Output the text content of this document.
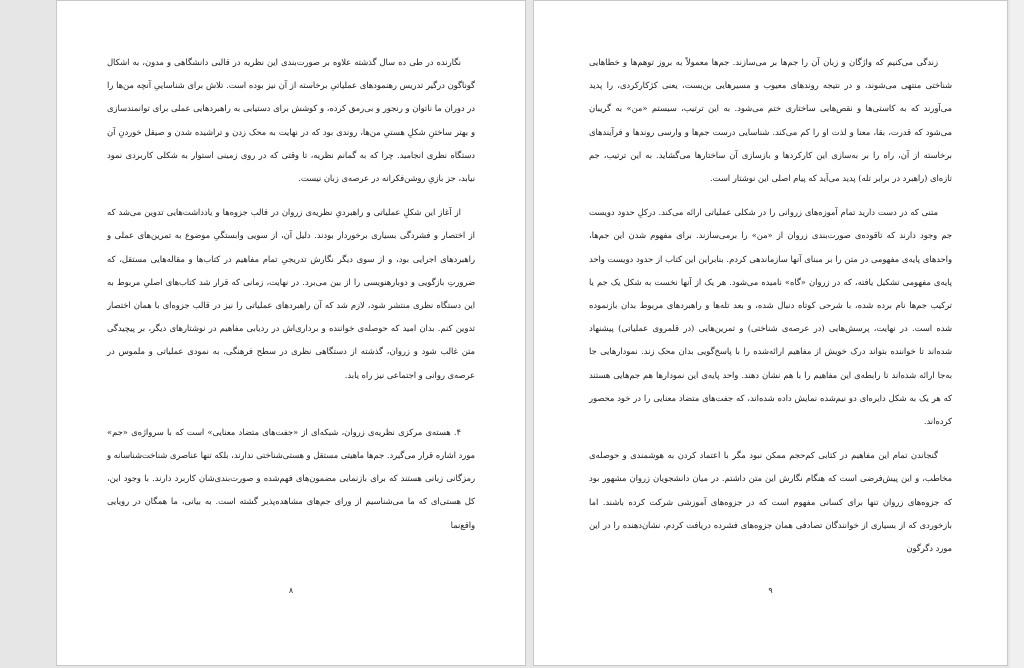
نگارنده در طی ده سال گذشته علاوه بر صورت‌بندی این نظریه در قالبی دانشگاهی و مدون، به اشکال گوناگون درگیر تدریس رهنمودهای عملیاتیِ برخاسته از آن نیز بوده است. تلاش برای شناساییِ آنچه من‌ها را در دوران ما ناتوان و رنجور و بی‌رمق کرده، و کوشش برای دستیابی به راهبردهایی عملی برای توانمندسازی و بهتر ساختنِ شکلِ هستیِ من‌ها، روندی بود که در نهایت به محک زدن و تراشیده شدن و صیقل خوردنِ آن دستگاه نظری انجامید. چرا که به گمانم نظریه، تا وقتی که در روی زمینی استوار به شکلی کاربردی نمود نیابد، جز بازیِ روشن‌فکرانه در عرصه‌ی زبان نیست.

از آغاز این شکلِ عملیاتی و راهبردیِ نظریه‌ی زروان در قالب جزوه‌ها و یادداشت‌هایی تدوین می‌شد که از اختصار و فشردگی بسیاری برخوردار بودند. دلیل آن، از سویی وابستگیِ موضوع به تمرین‌های عملی و راهبردهای اجرایی بود، و از سوی دیگر نگارش تدریجیِ تمام مفاهیم در کتاب‌ها و مقاله‌هایی مستقل، که ضرورتِ بازگویی و دوبارهنویسی را از بین می‌برد. در نهایت، زمانی که قرار شد کتاب‌های اصلیِ مربوط به این دستگاه نظری منتشر شود، لازم شد که آن راهبردهای عملیاتی را نیز در قالب جزوه‌ای با همان اختصار تدوین کنم. بدان امید که حوصله‌ی خواننده و برداری‌اش در ردیابی مفاهیم در نوشتارهای دیگر، بر پیچیدگی متن غالب شود و زروان، گذشته از دستگاهی نظری در سطح فرهنگی، به نمودی عملیاتی و ملموس در عرصه‌ی روانی و اجتماعی نیز راه یابد.

۴. هسته‌ی مرکزی نظریه‌ی زروان، شبکه‌ای از «جفت‌های متضاد معنایی» است که با سرواژه‌ی «جم» مورد اشاره قرار می‌گیرد. جم‌ها ماهیتی مستقل و هستی‌شناختی ندارند، بلکه تنها عناصری شناخت‌شناسانه و رمزگانی زبانی هستند که برای بازنمایی مضمون‌های فهم‌شده و صورت‌بندی‌شان کاربرد دارند. با وجود این، کل هستی‌ای که ما می‌شناسیم از ورای جم‌های مشاهده‌پذیر گشته است. به بیانی، ما همگان در رویایی واقع‌نما

۸

زندگی می‌کنیم که واژگان و زبان آن را جم‌ها بر می‌سازند. جم‌ها معمولاً به بروز توهم‌ها و خطاهایی شناختی منتهی می‌شوند، و در نتیجه روندهای معیوب و مسیرهایی بن‌بست، یعنی کژکارکردی، را پدید می‌آورند که به کاستی‌ها و نقص‌هایی ساختاری ختم می‌شود. به این ترتیب، سیستم «من» به گریبان می‌شود که قدرت، بقا، معنا و لذت او را کم می‌کند. شناسایی درست جم‌ها و وارسی روندها و فرآیندهای برخاسته از آن، راه را بر به‌سازی این کارکردها و بازسازی آن ساختارها می‌گشاید. به این ترتیب، جم تازه‌ای (راهبرد در برابر تله) پدید می‌آید که پیام اصلی این نوشتار است.

متنی که در دست دارید تمام آموزه‌های زروانی را در شکلی عملیاتی ارائه می‌کند. درکلِ حدود دویست جم وجود دارند که تاقوده‌ی صورت‌بندی زروان از «من» را برمی‌سازند. برای مفهوم شدن این جم‌ها، واحدهای پایه‌ی مفهومی در متن را بر مبنای آنها سازماندهی کردم. بنابراین این کتاب از حدود دویست واحد پایه‌ی مفهومی تشکیل یافته، که در زروان «گاه» نامیده می‌شود. هر یک از آنها نخست به شکل یک جم یا ترکیب جم‌ها نام برده شده، با شرحی کوتاه دنبال شده، و بعد تله‌ها و راهبردهای مربوط بدان بازنموده شده است. در نهایت، پرسش‌هایی (در عرصه‌ی شناختی) و تمرین‌هایی (در قلمروی عملیاتی) پیشنهاد شده‌اند تا خواننده بتواند درک خویش از مفاهیم ارائه‌شده را با پاسخ‌گویی بدان محک زند. نمودارهایی جا به‌جا ارائه شده‌اند تا رابطه‌ی این مفاهیم را با هم نشان دهند. واحد پایه‌ی این نمودارها هم جم‌هایی هستند که هر یک به شکل دایره‌ای دو نیم‌شده نمایش داده شده‌اند، که جفت‌های متضاد معنایی را در خود محصور کرده‌اند.

گنجاندن تمام این مفاهیم در کتابی کم‌حجم ممکن نبود مگر با اعتماد کردن به هوشمندی و حوصله‌ی مخاطب، و این پیش‌فرضی است که هنگام نگارش این متن داشتم. در میان دانشجویان زروان مشهور بود که جزوه‌های زروان تنها برای کسانی مفهوم است که در جزوه‌های آموزشی شرکت کرده باشند. اما بازخوردی که از بسیاری از خوانندگان تصادفی همان جزوه‌های فشرده دریافت کردم، نشان‌دهنده را در این مورد دگرگون

۹
